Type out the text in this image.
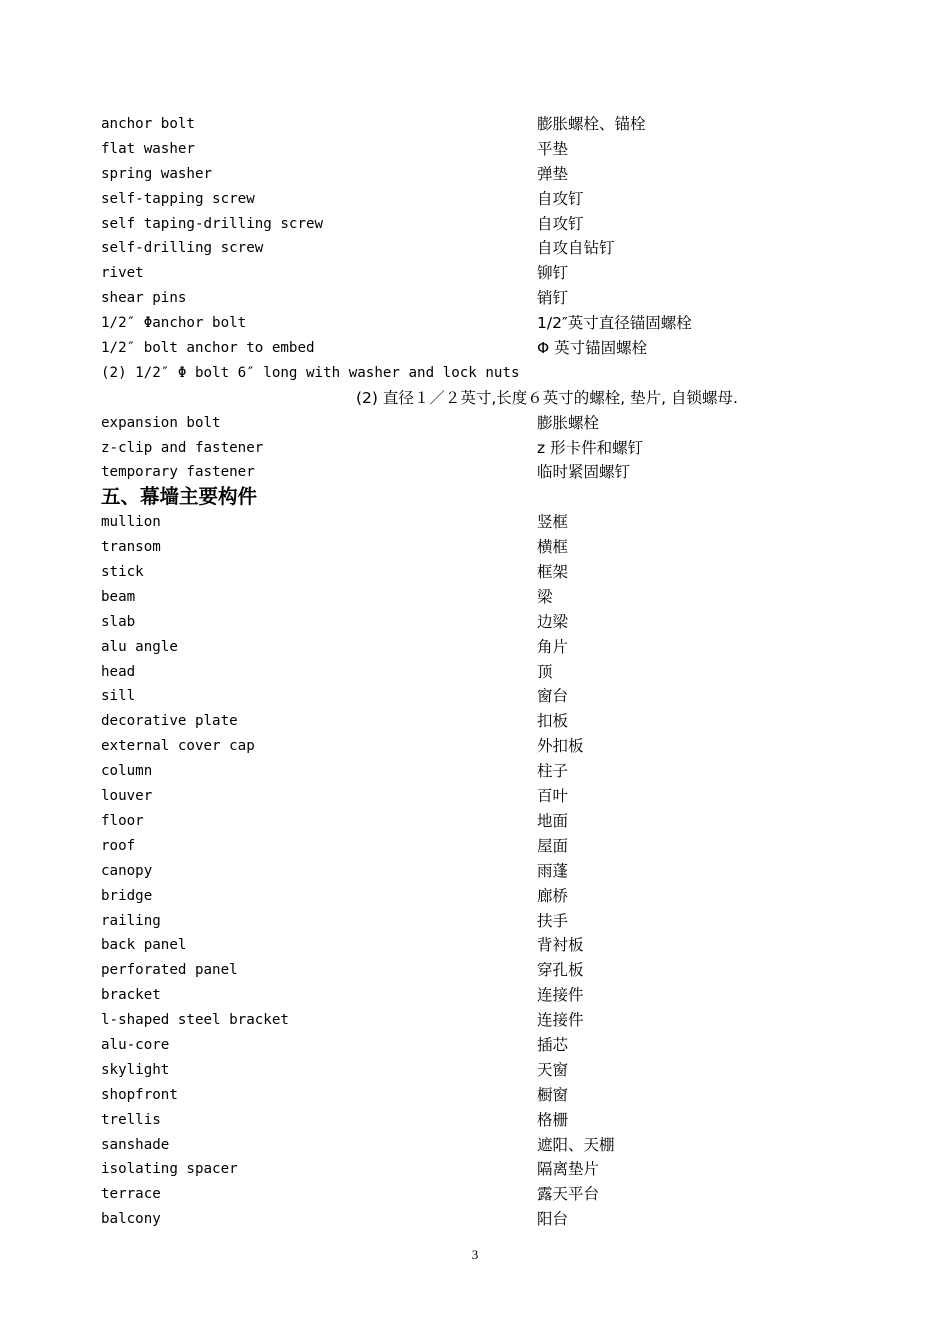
anchor bolt	膨胀螺栓、锚栓
flat washer	平垫
spring washer	弹垫
self-tapping screw	自攻钉
self taping-drilling screw	自攻钉
self-drilling screw	自攻自钻钉
rivet	铆钉
shear pins	销钉
1/2″ Φanchor bolt	1/2″英寸直径锚固螺栓
1/2″ bolt anchor to embed	Φ 英寸锚固螺栓
(2) 1/2″ Φ bolt 6″ long with washer and lock nuts
(2) 直径１／２英寸,长度６英寸的螺栓, 垫片, 自锁螺母.
expansion bolt	膨胀螺栓
z-clip and fastener	z 形卡件和螺钉
temporary fastener	临时紧固螺钉
五、幕墙主要构件
mullion	竖框
transom	横框
stick	框架
beam	梁
slab	边梁
alu angle	角片
head	顶
sill	窗台
decorative plate	扣板
external cover cap	外扣板
column	柱子
louver	百叶
floor	地面
roof	屋面
canopy	雨蓬
bridge	廊桥
railing	扶手
back panel	背衬板
perforated panel	穿孔板
bracket	连接件
l-shaped steel bracket	连接件
alu-core	插芯
skylight	天窗
shopfront	橱窗
trellis	格栅
sanshade	遮阳、天棚
isolating spacer	隔离垫片
terrace	露天平台
balcony	阳台
3
